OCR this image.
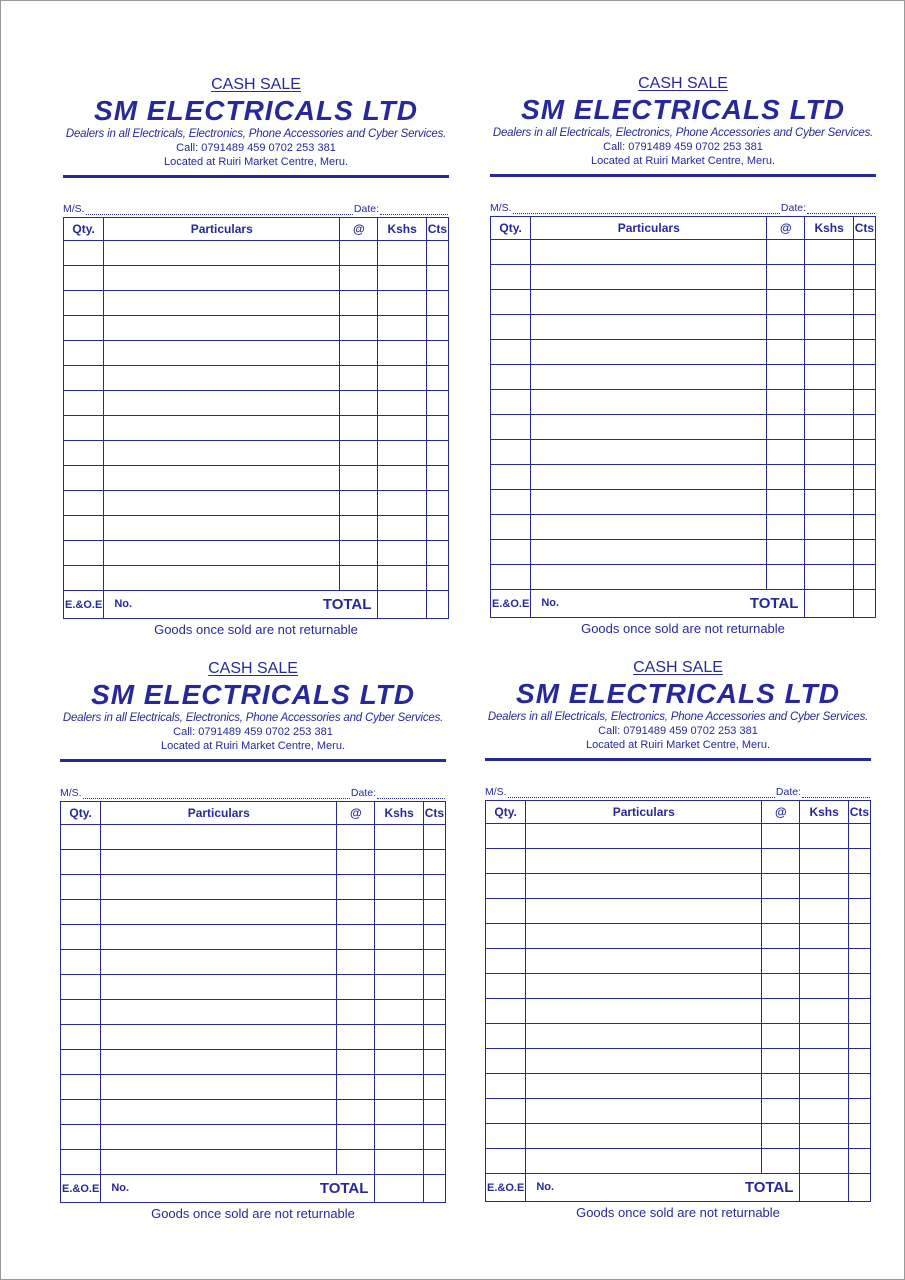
CASH SALE
SM ELECTRICALS LTD
Dealers in all Electricals, Electronics, Phone Accessories and Cyber Services.
Call: 0791489 459 0702 253 381
Located at Ruiri Market Centre, Meru.
M/S.	Date:
Qty.	Particulars	@	Kshs	Cts

E.&O.E	No. TOTAL			

Goods once sold are not returnable
CASH SALE
SM ELECTRICALS LTD
Dealers in all Electricals, Electronics, Phone Accessories and Cyber Services.
Call: 0791489 459 0702 253 381
Located at Ruiri Market Centre, Meru.
M/S.	Date:
Qty.	Particulars	@	Kshs	Cts

E.&O.E	No. TOTAL			

Goods once sold are not returnable
CASH SALE
SM ELECTRICALS LTD
Dealers in all Electricals, Electronics, Phone Accessories and Cyber Services.
Call: 0791489 459 0702 253 381
Located at Ruiri Market Centre, Meru.
M/S.	Date:
Qty.	Particulars	@	Kshs	Cts

E.&O.E	No. TOTAL			

Goods once sold are not returnable
CASH SALE
SM ELECTRICALS LTD
Dealers in all Electricals, Electronics, Phone Accessories and Cyber Services.
Call: 0791489 459 0702 253 381
Located at Ruiri Market Centre, Meru.
M/S.	Date:
Qty.	Particulars	@	Kshs	Cts

E.&O.E	No. TOTAL			

Goods once sold are not returnable
